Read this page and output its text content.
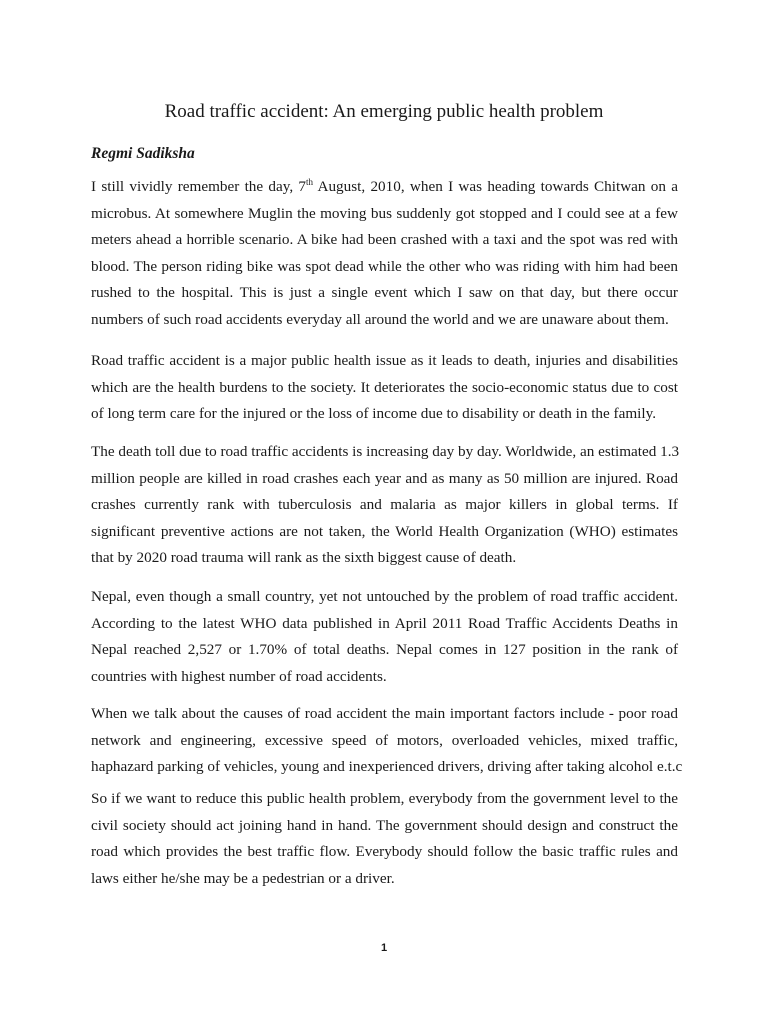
Road traffic accident: An emerging public health problem

Regmi Sadiksha

I still vividly remember the day, 7th August, 2010, when I was heading towards Chitwan on a
microbus. At somewhere Muglin the moving bus suddenly got stopped and I could see at a few
meters ahead a horrible scenario. A bike had been crashed with a taxi and the spot was red with
blood. The person riding bike was spot dead while the other who was riding with him had been
rushed to the hospital. This is just a single event which I saw on that day, but there occur
numbers of such road accidents everyday all around the world and we are unaware about them.
Road traffic accident is a major public health issue as it leads to death, injuries and disabilities
which are the health burdens to the society. It deteriorates the socio-economic status due to cost
of long term care for the injured or the loss of income due to disability or death in the family.
The death toll due to road traffic accidents is increasing day by day. Worldwide, an estimated 1.3
million people are killed in road crashes each year and as many as 50 million are injured. Road
crashes currently rank with tuberculosis and malaria as major killers in global terms. If
significant preventive actions are not taken, the World Health Organization (WHO) estimates
that by 2020 road trauma will rank as the sixth biggest cause of death.
Nepal, even though a small country, yet not untouched by the problem of road traffic accident.
According to the latest WHO data published in April 2011 Road Traffic Accidents Deaths in
Nepal reached 2,527 or 1.70% of total deaths. Nepal comes in 127 position in the rank of
countries with highest number of road accidents.
When we talk about the causes of road accident the main important factors include - poor road
network and engineering, excessive speed of motors, overloaded vehicles, mixed traffic,
haphazard parking of vehicles, young and inexperienced drivers, driving after taking alcohol e.t.c
So if we want to reduce this public health problem, everybody from the government level to the
civil society should act joining hand in hand. The government should design and construct the
road which provides the best traffic flow. Everybody should follow the basic traffic rules and
laws either he/she may be a pedestrian or a driver.
1
